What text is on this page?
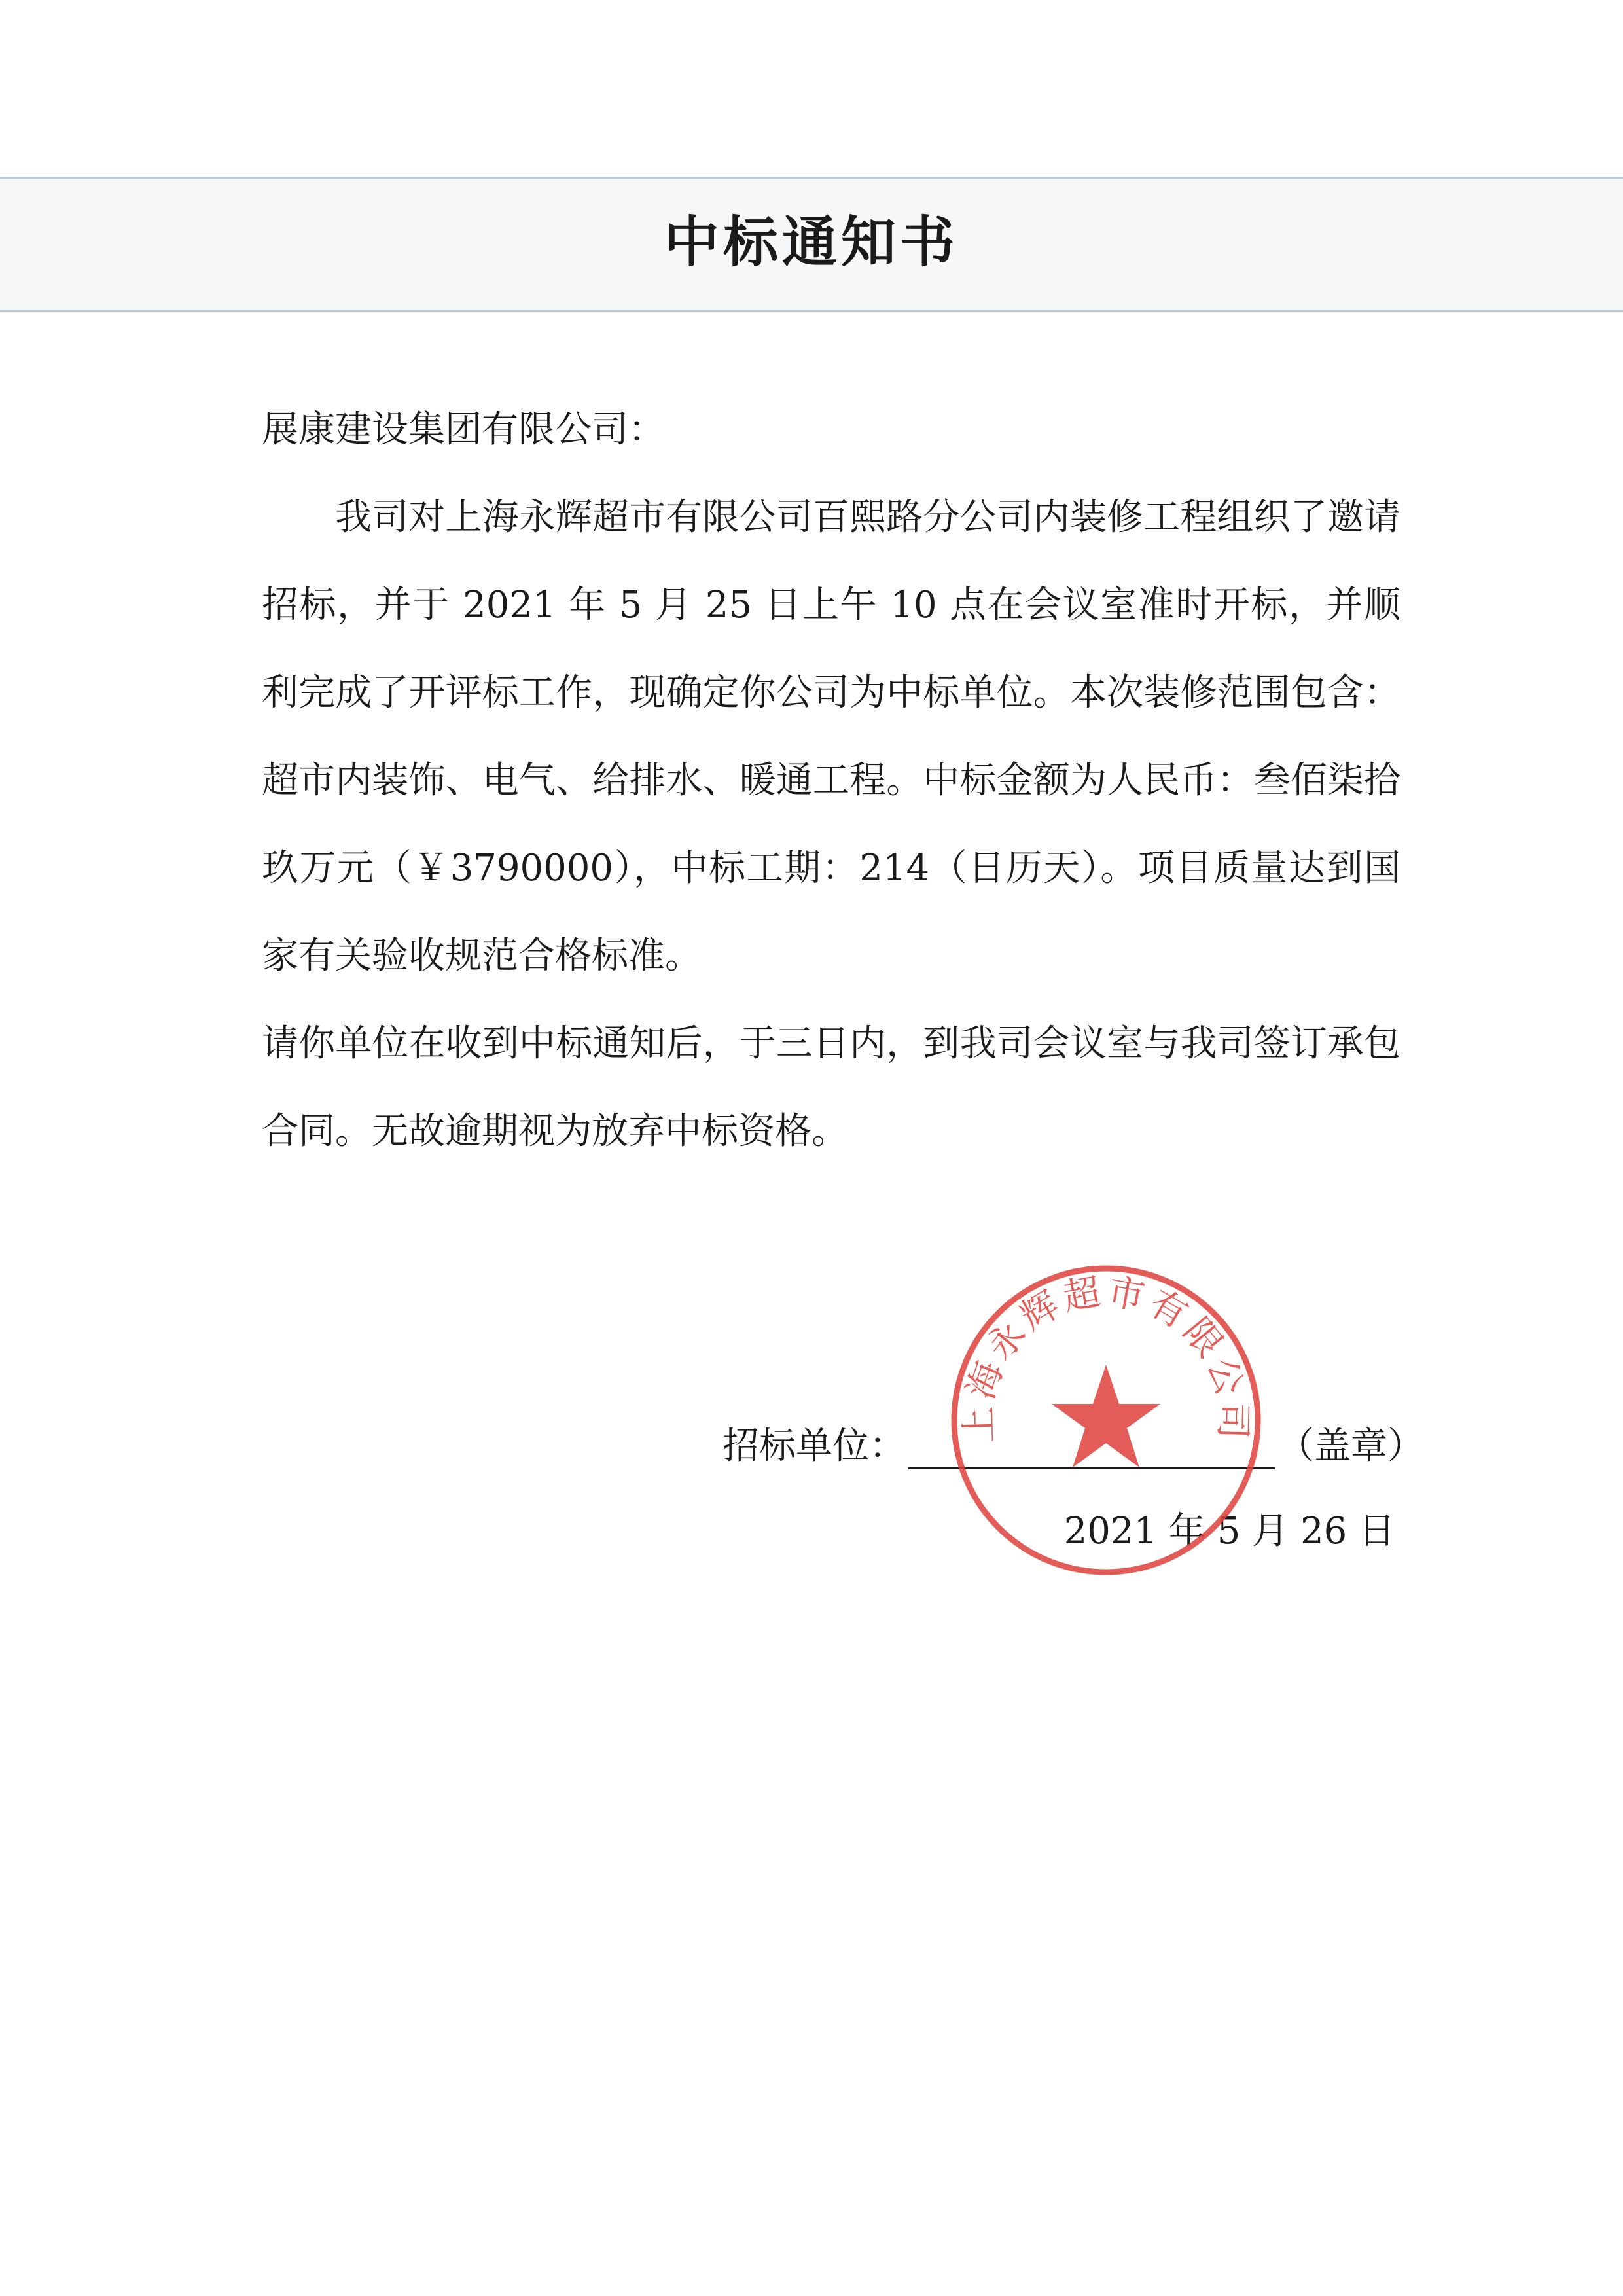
中标通知书

展康建设集团有限公司：

我司对上海永辉超市有限公司百熙路分公司内装修工程组织了邀请招标，并于 2021 年 5 月 25 日上午 10 点在会议室准时开标，并顺利完成了开评标工作，现确定你公司为中标单位。本次装修范围包含：超市内装饰、电气、给排水、暖通工程。中标金额为人民币：叁佰柒拾玖万元（￥3790000），中标工期：214（日历天）。项目质量达到国家有关验收规范合格标准。

请你单位在收到中标通知后，于三日内，到我司会议室与我司签订承包合同。无故逾期视为放弃中标资格。

招标单位：	（盖章）
2021 年 5 月 26 日
上海永辉超市有限公司
